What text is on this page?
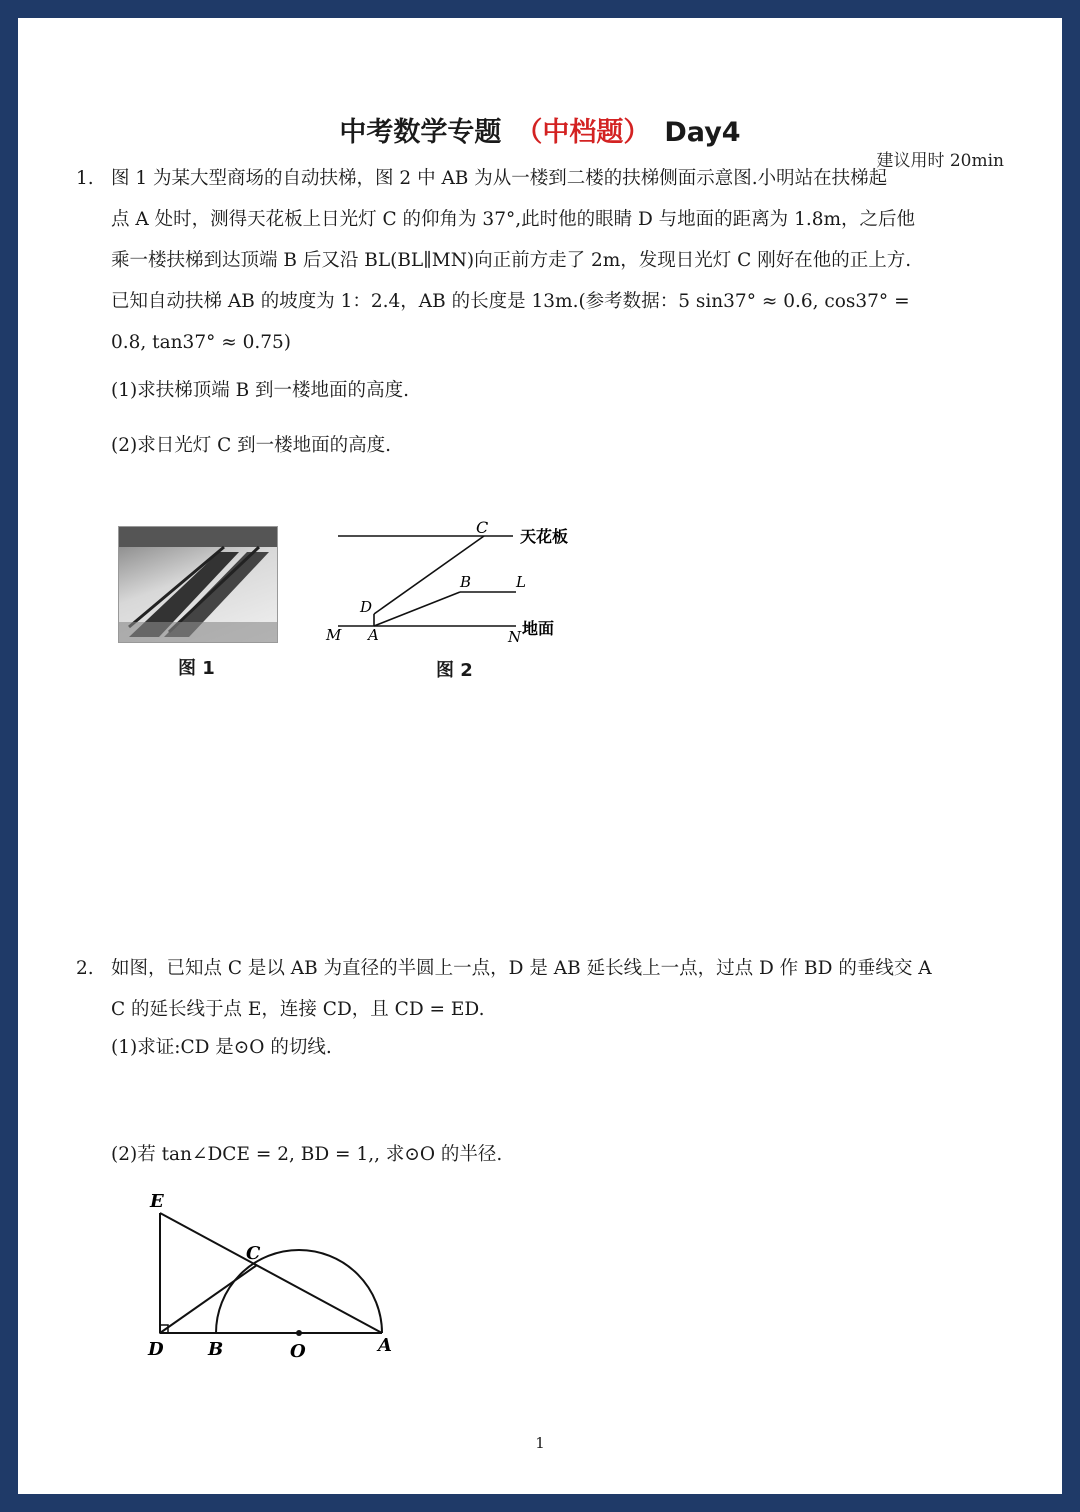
中考数学专题 （中档题） Day4
建议用时 20min
1. 图 1 为某大型商场的自动扶梯，图 2 中 AB 为从一楼到二楼的扶梯侧面示意图.小明站在扶梯起
点 A 处时，测得天花板上日光灯 C 的仰角为 37°,此时他的眼睛 D 与地面的距离为 1.8m，之后他
乘一楼扶梯到达顶端 B 后又沿 BL(BL∥MN)向正前方走了 2m，发现日光灯 C 刚好在他的正上方.
已知自动扶梯 AB 的坡度为 1：2.4，AB 的长度是 13m.(参考数据：5 sin37° ≈ 0.6, cos37° =
0.8, tan37° ≈ 0.75)
(1)求扶梯顶端 B 到一楼地面的高度.
(2)求日光灯 C 到一楼地面的高度.
图 1
C 天花板
B	L
D
M A	N 地面
图 2
2. 如图，已知点 C 是以 AB 为直径的半圆上一点，D 是 AB 延长线上一点，过点 D 作 BD 的垂线交 A
C 的延长线于点 E，连接 CD，且 CD = ED.
(1)求证:CD 是⊙O 的切线.
(2)若 tan∠DCE = 2, BD = 1,, 求⊙O 的半径.
E
C
D B	O	A
1
